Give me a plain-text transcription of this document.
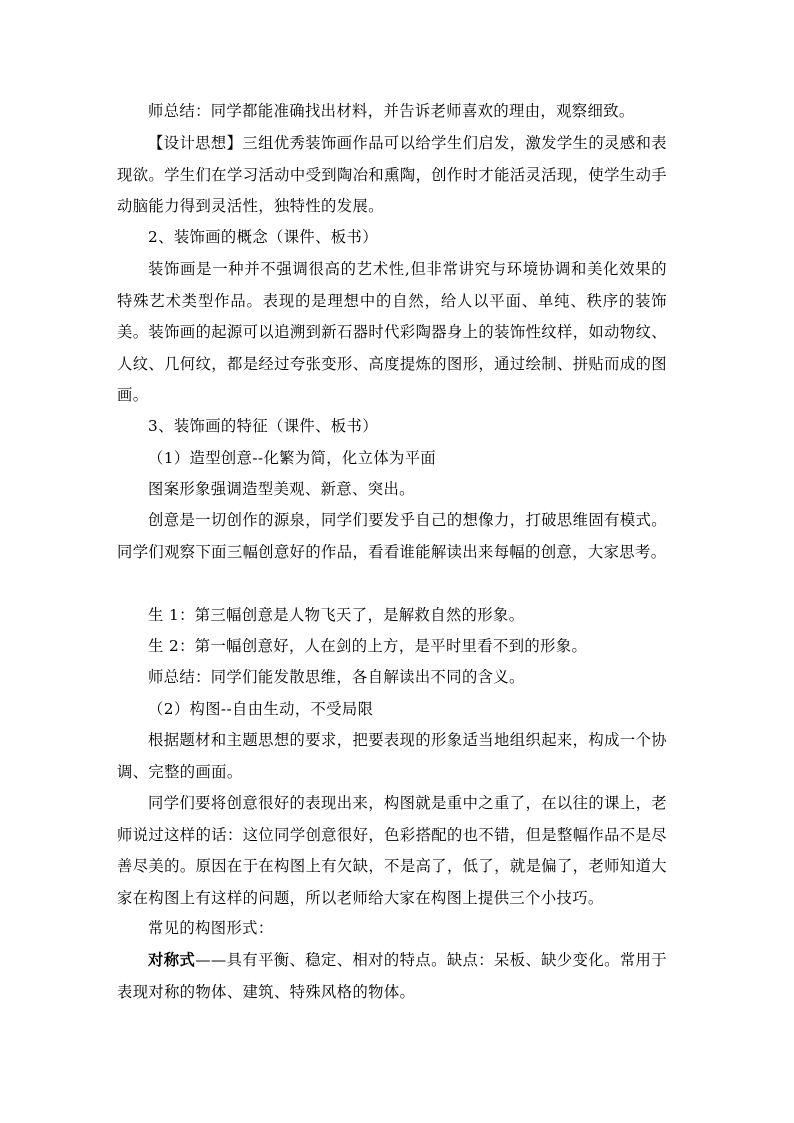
师总结：同学都能准确找出材料，并告诉老师喜欢的理由，观察细致。

【设计思想】三组优秀装饰画作品可以给学生们启发，激发学生的灵感和表现欲。学生们在学习活动中受到陶冶和熏陶，创作时才能活灵活现，使学生动手动脑能力得到灵活性，独特性的发展。

2、装饰画的概念（课件、板书）

装饰画是一种并不强调很高的艺术性,但非常讲究与环境协调和美化效果的特殊艺术类型作品。表现的是理想中的自然，给人以平面、单纯、秩序的装饰美。装饰画的起源可以追溯到新石器时代彩陶器身上的装饰性纹样，如动物纹、人纹、几何纹，都是经过夸张变形、高度提炼的图形，通过绘制、拼贴而成的图画。

3、装饰画的特征（课件、板书）

（1）造型创意--化繁为简，化立体为平面

图案形象强调造型美观、新意、突出。

创意是一切创作的源泉，同学们要发乎自己的想像力，打破思维固有模式。同学们观察下面三幅创意好的作品，看看谁能解读出来每幅的创意，大家思考。

生 1：第三幅创意是人物飞天了，是解救自然的形象。

生 2：第一幅创意好，人在剑的上方，是平时里看不到的形象。

师总结：同学们能发散思维，各自解读出不同的含义。

（2）构图--自由生动，不受局限

根据题材和主题思想的要求，把要表现的形象适当地组织起来，构成一个协调、完整的画面。

同学们要将创意很好的表现出来，构图就是重中之重了，在以往的课上，老师说过这样的话：这位同学创意很好，色彩搭配的也不错，但是整幅作品不是尽善尽美的。原因在于在构图上有欠缺，不是高了，低了，就是偏了，老师知道大家在构图上有这样的问题，所以老师给大家在构图上提供三个小技巧。

常见的构图形式：

对称式——具有平衡、稳定、相对的特点。缺点：呆板、缺少变化。常用于表现对称的物体、建筑、特殊风格的物体。
